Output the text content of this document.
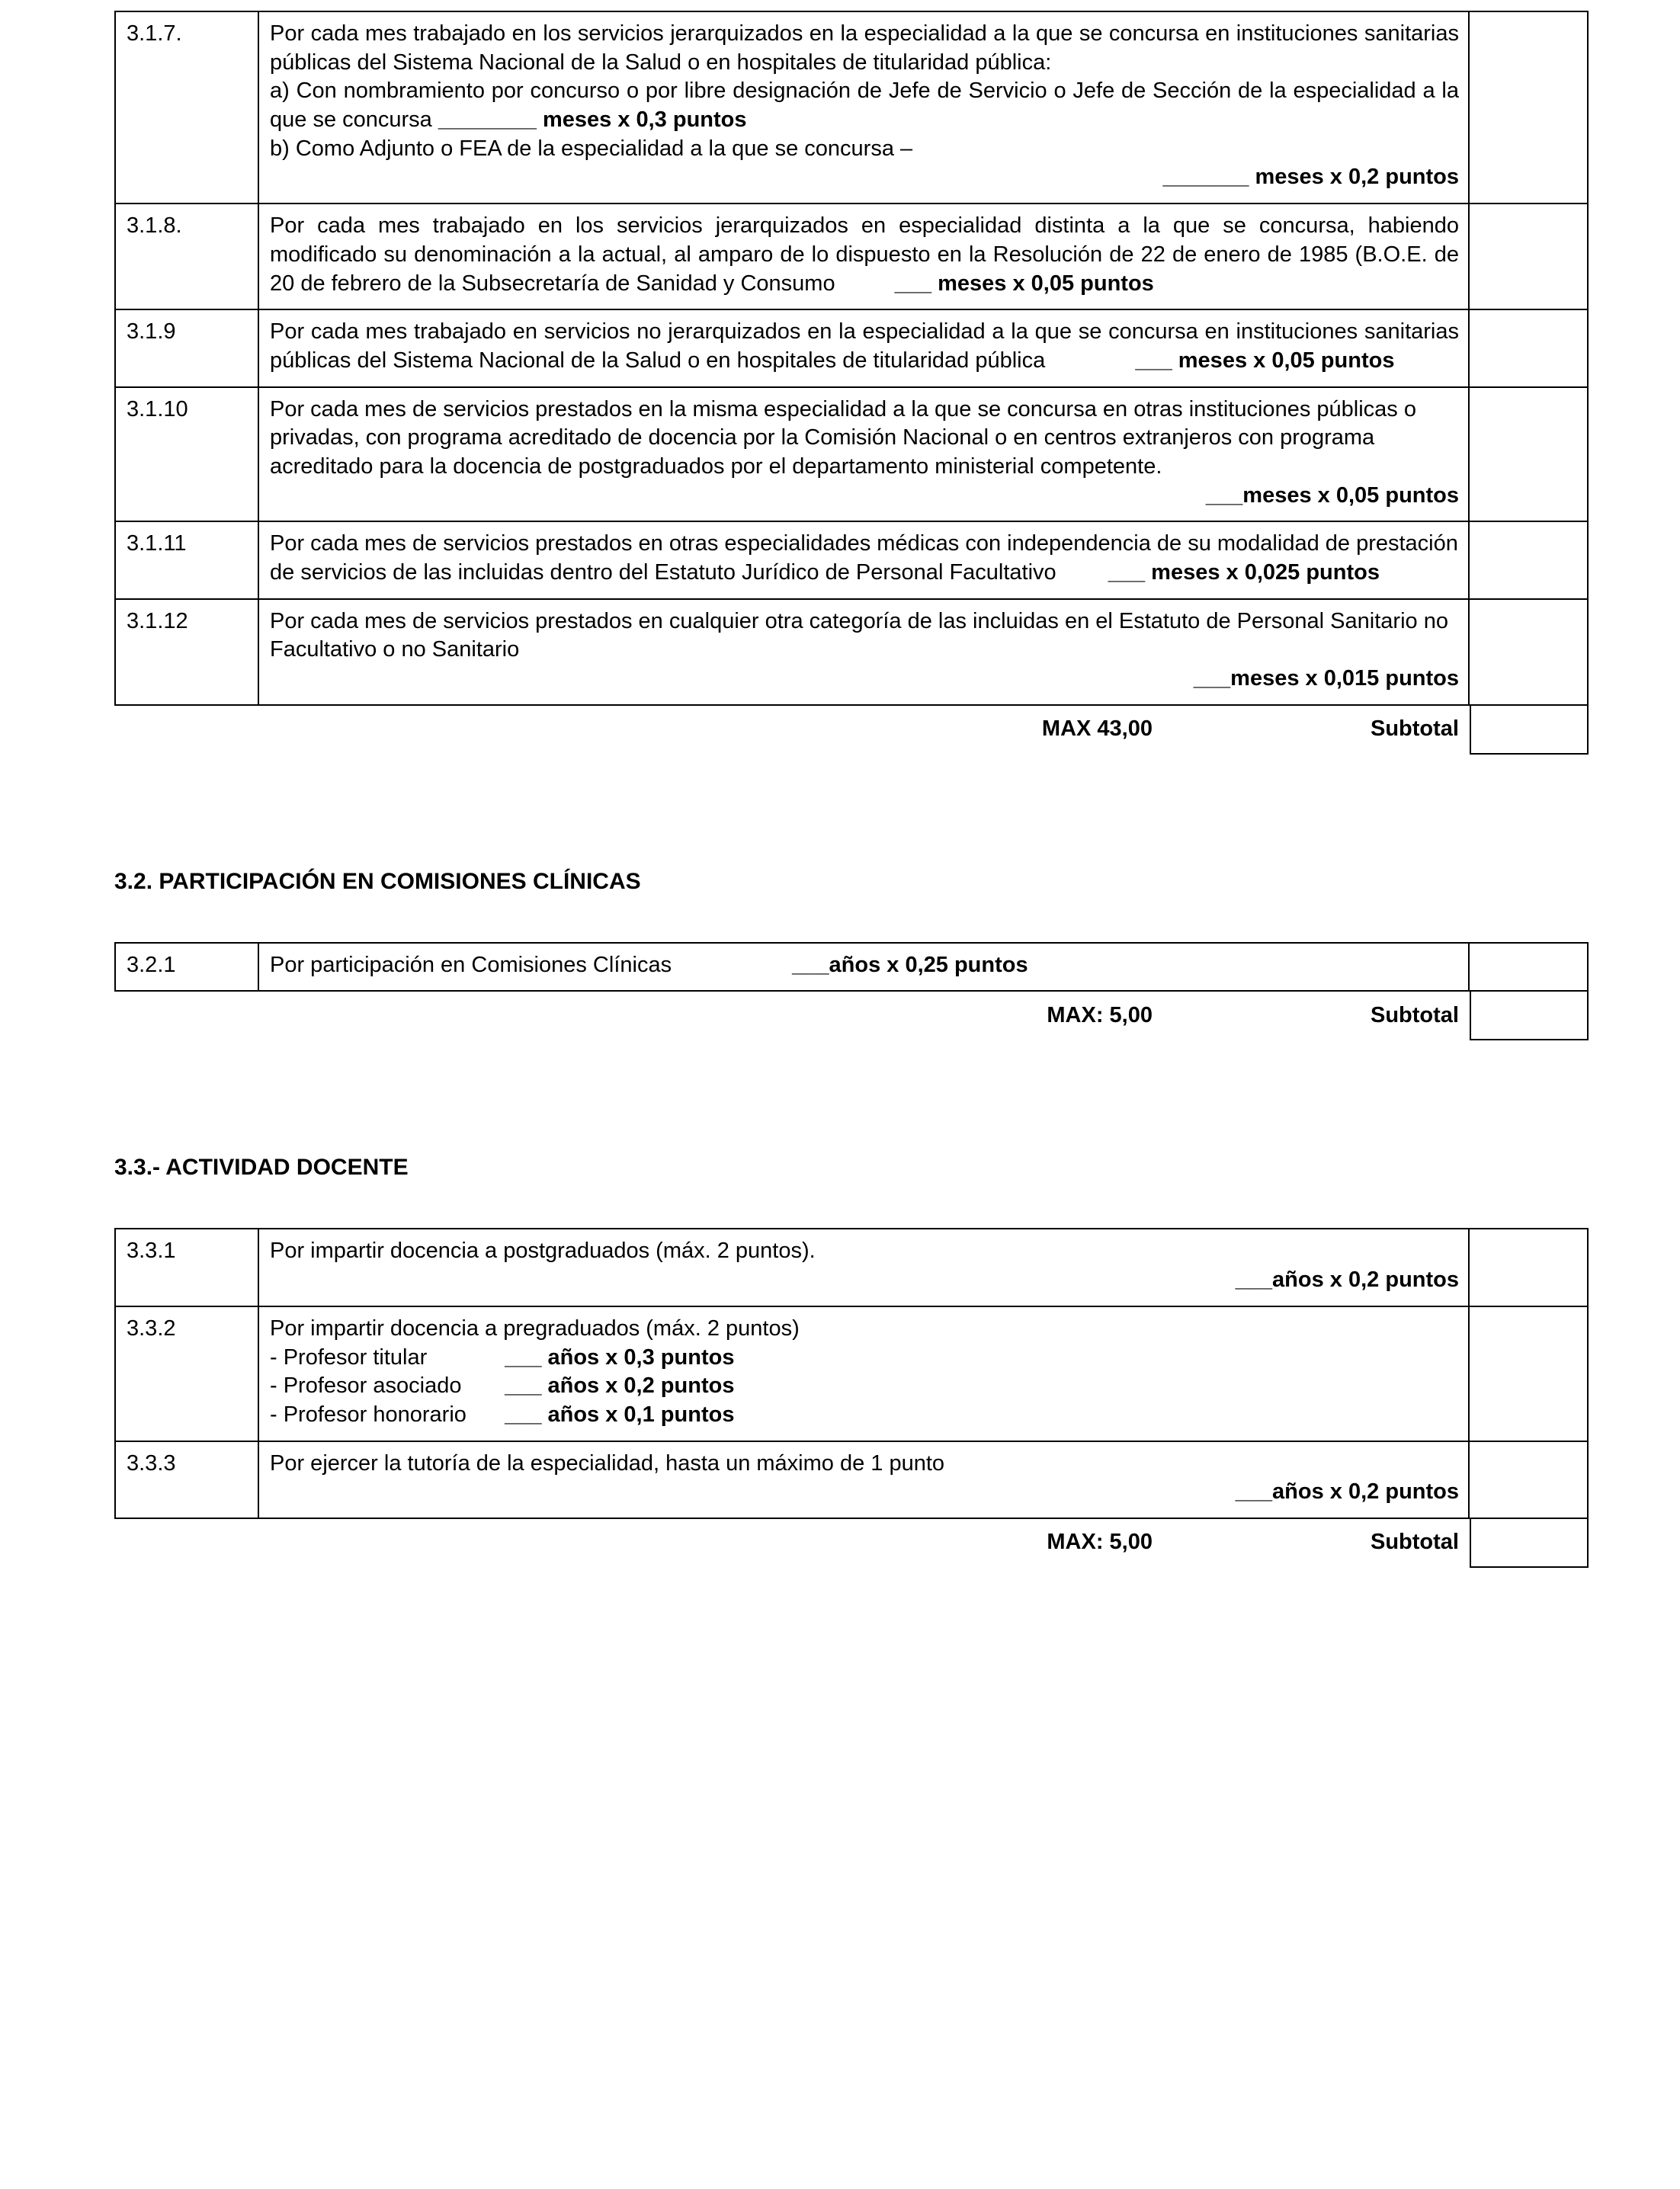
3.1.7.	Por cada mes trabajado en los servicios jerarquizados en la especialidad a la que se concursa en instituciones sanitarias públicas del Sistema Nacional de la Salud o en hospitales de titularidad pública:
a) Con nombramiento por concurso o por libre designación de Jefe de Servicio o Jefe de Sección de la especialidad a la que se concursa ________ meses x 0,3 puntos
b) Como Adjunto o FEA de la especialidad a la que se concursa –
_______ meses x 0,2 puntos	

3.1.8.	Por cada mes trabajado en los servicios jerarquizados en especialidad distinta a la que se concursa, habiendo modificado su denominación a la actual, al amparo de lo dispuesto en la Resolución de 22 de enero de 1985 (B.O.E. de 20 de febrero de la Subsecretaría de Sanidad y Consumo ___ meses x 0,05 puntos	

3.1.9	Por cada mes trabajado en servicios no jerarquizados en la especialidad a la que se concursa en instituciones sanitarias públicas del Sistema Nacional de la Salud o en hospitales de titularidad pública ___ meses x 0,05 puntos	

3.1.10	Por cada mes de servicios prestados en la misma especialidad a la que se concursa en otras instituciones públicas o privadas, con programa acreditado de docencia por la Comisión Nacional o en centros extranjeros con programa acreditado para la docencia de postgraduados por el departamento ministerial competente.
___meses x 0,05 puntos	

3.1.11	Por cada mes de servicios prestados en otras especialidades médicas con independencia de su modalidad de prestación de servicios de las incluidas dentro del Estatuto Jurídico de Personal Facultativo ___ meses x 0,025 puntos	

3.1.12	Por cada mes de servicios prestados en cualquier otra categoría de las incluidas en el Estatuto de Personal Sanitario no Facultativo o no Sanitario
___meses x 0,015 puntos	

MAX 43,00	Subtotal	
3.2. PARTICIPACIÓN EN COMISIONES CLÍNICAS
3.2.1	Por participación en Comisiones Clínicas	___años x 0,25 puntos

MAX: 5,00	Subtotal	
3.3.- ACTIVIDAD DOCENTE
3.3.1	Por impartir docencia a postgraduados (máx. 2 puntos).
___años x 0,2 puntos	

3.3.2	Por impartir docencia a pregraduados (máx. 2 puntos)
- Profesor titular ___ años x 0,3 puntos
- Profesor asociado ___ años x 0,2 puntos
- Profesor honorario ___ años x 0,1 puntos	

3.3.3	Por ejercer la tutoría de la especialidad, hasta un máximo de 1 punto
___años x 0,2 puntos	

MAX: 5,00	Subtotal	
